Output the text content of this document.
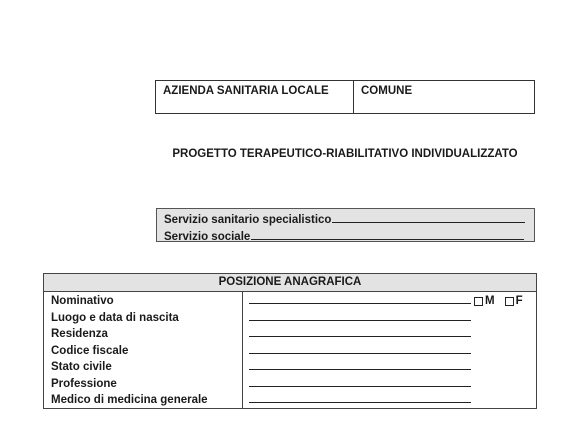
AZIENDA SANITARIA LOCALE	COMUNE
PROGETTO TERAPEUTICO-RIABILITATIVO INDIVIDUALIZZATO
Servizio sanitario specialistico
Servizio sociale
POSIZIONE ANAGRAFICA
Nominativo
Luogo e data di nascita
Residenza
Codice fiscale
Stato civile
Professione
Medico di medicina generale
M F
